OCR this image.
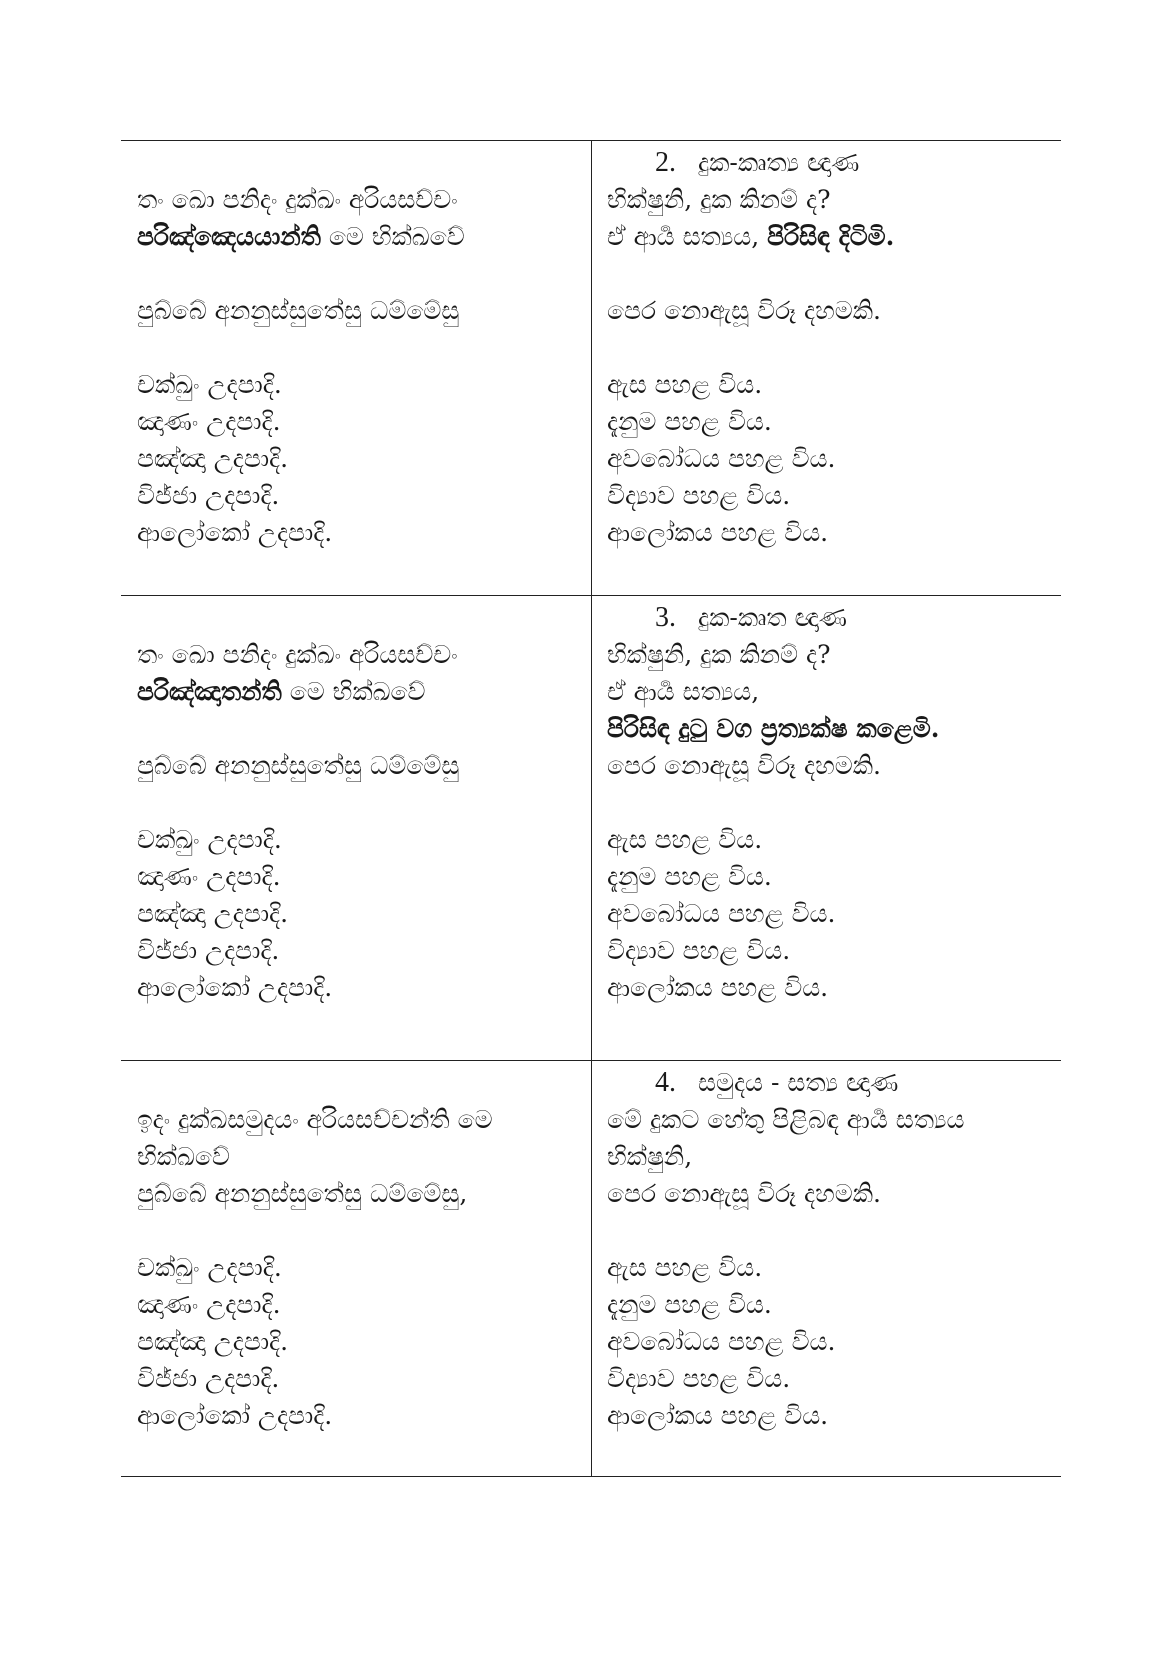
2. දුක-කෘත්‍ය ඥාණ
භික්ෂුනි, දුක කිනම් ද?
ඒ ආර්‍ය සත්‍යය, පිරිසිඳ දිටිමි.
පෙර නොඇසූ විරූ දහමකි.
ඇස පහළ විය.
දැනුම පහළ විය.
අවබෝධය පහළ විය.
විද්‍යාව පහළ විය.
ආලෝකය පහළ විය.
තං ඛො පනිදං දුක්ඛං අරියසච්චං
පරිඤ්ඤෙයයාන්ති මෙ භික්ඛවේ
පුබ්බේ අනනුස්සුතේසු ධම්මේසු
චක්ඛුං උදපාදි.
ඤාණං උදපාදි.
පඤ්ඤා උදපාදි.
විජ්ජා උදපාදි.
ආලෝකෝ උදපාදි.
3. දුක-කෘත ඥාණ
භික්ෂුනි, දුක කිනම් ද?
ඒ ආර්‍ය සත්‍යය,
පිරිසිඳ දුටු වග ප්‍රත්‍යක්ෂ කළෙමි.
පෙර නොඇසූ විරූ දහමකි.
ඇස පහළ විය.
දැනුම පහළ විය.
අවබෝධය පහළ විය.
විද්‍යාව පහළ විය.
ආලෝකය පහළ විය.
තං ඛො පනිදං දුක්ඛං අරියසච්චං
පරිඤ්ඤාතන්ති මෙ භික්ඛවේ
පුබ්බේ අනනුස්සුතේසු ධම්මේසු
චක්ඛුං උදපාදි.
ඤාණං උදපාදි.
පඤ්ඤා උදපාදි.
විජ්ජා උදපාදි.
ආලෝකෝ උදපාදි.
4. සමුදය - සත්‍ය ඥාණ
මේ දුකට හේතු පිළිබඳ ආර්‍ය සත්‍යය
භික්ෂුනි,
පෙර නොඇසූ විරූ දහමකි.
ඇස පහළ විය.
දැනුම පහළ විය.
අවබෝධය පහළ විය.
විද්‍යාව පහළ විය.
ආලෝකය පහළ විය.
ඉදං දුක්ඛසමුදයං අරියසච්චන්ති මෙ
භික්ඛවේ
පුබ්බේ අනනුස්සුතේසු ධම්මේසු,
චක්ඛුං උදපාදි.
ඤාණං උදපාදි.
පඤ්ඤා උදපාදි.
විජ්ජා උදපාදි.
ආලෝකෝ උදපාදි.
